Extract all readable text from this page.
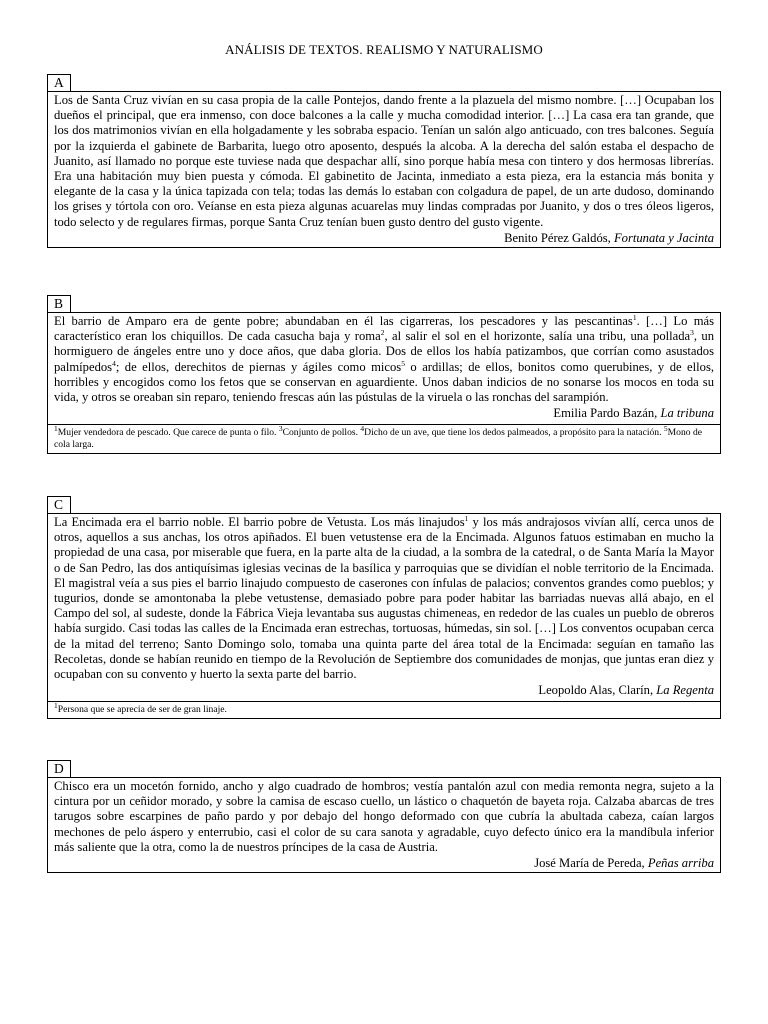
ANÁLISIS DE TEXTOS. REALISMO Y NATURALISMO
A

Los de Santa Cruz vivían en su casa propia de la calle Pontejos, dando frente a la plazuela del mismo nombre. […] Ocupaban los dueños el principal, que era inmenso, con doce balcones a la calle y mucha comodidad interior. […] La casa era tan grande, que los dos matrimonios vivían en ella holgadamente y les sobraba espacio. Tenían un salón algo anticuado, con tres balcones. Seguía por la izquierda el gabinete de Barbarita, luego otro aposento, después la alcoba. A la derecha del salón estaba el despacho de Juanito, así llamado no porque este tuviese nada que despachar allí, sino porque había mesa con tintero y dos hermosas librerías. Era una habitación muy bien puesta y cómoda. El gabinetito de Jacinta, inmediato a esta pieza, era la estancia más bonita y elegante de la casa y la única tapizada con tela; todas las demás lo estaban con colgadura de papel, de un arte dudoso, dominando los grises y tórtola con oro. Veíanse en esta pieza algunas acuarelas muy lindas compradas por Juanito, y dos o tres óleos ligeros, todo selecto y de regulares firmas, porque Santa Cruz tenían buen gusto dentro del gusto vigente.

Benito Pérez Galdós, Fortunata y Jacinta
B

El barrio de Amparo era de gente pobre; abundaban en él las cigarreras, los pescadores y las pescantinas$^1$. […] Lo más característico eran los chiquillos. De cada casucha baja y roma$^2$, al salir el sol en el horizonte, salía una tribu, una pollada$^3$, un hormiguero de ángeles entre uno y doce años, que daba gloria. Dos de ellos los había patizambos, que corrían como asustados palmípedos$^4$; de ellos, derechitos de piernas y ágiles como micos$^5$ o ardillas; de ellos, bonitos como querubines, y de ellos, horribles y encogidos como los fetos que se conservan en aguardiente. Unos daban indicios de no sonarse los mocos en toda su vida, y otros se oreaban sin reparo, teniendo frescas aún las pústulas de la viruela o las ronchas del sarampión.

Emilia Pardo Bazán, La tribuna
$^1$Mujer vendedora de pescado. Que carece de punta o filo. $^3$Conjunto de pollos. $^4$Dicho de un ave, que tiene los dedos palmeados, a propósito para la natación. $^5$Mono de cola larga.
C

La Encimada era el barrio noble. El barrio pobre de Vetusta. Los más linajudos$^1$ y los más andrajosos vivían allí, cerca unos de otros, aquellos a sus anchas, los otros apiñados. El buen vetustense era de la Encimada. Algunos fatuos estimaban en mucho la propiedad de una casa, por miserable que fuera, en la parte alta de la ciudad, a la sombra de la catedral, o de Santa María la Mayor o de San Pedro, las dos antiquísimas iglesias vecinas de la basílica y parroquias que se dividían el noble territorio de la Encimada. El magistral veía a sus pies el barrio linajudo compuesto de caserones con ínfulas de palacios; conventos grandes como pueblos; y tugurios, donde se amontonaba la plebe vetustense, demasiado pobre para poder habitar las barriadas nuevas allá abajo, en el Campo del sol, al sudeste, donde la Fábrica Vieja levantaba sus augustas chimeneas, en rededor de las cuales un pueblo de obreros había surgido. Casi todas las calles de la Encimada eran estrechas, tortuosas, húmedas, sin sol. […] Los conventos ocupaban cerca de la mitad del terreno; Santo Domingo solo, tomaba una quinta parte del área total de la Encimada: seguían en tamaño las Recoletas, donde se habían reunido en tiempo de la Revolución de Septiembre dos comunidades de monjas, que juntas eran diez y ocupaban con su convento y huerto la sexta parte del barrio.

Leopoldo Alas, Clarín, La Regenta
$^1$Persona que se aprecia de ser de gran linaje.
D

Chisco era un mocetón fornido, ancho y algo cuadrado de hombros; vestía pantalón azul con media remonta negra, sujeto a la cintura por un ceñidor morado, y sobre la camisa de escaso cuello, un lástico o chaquetón de bayeta roja. Calzaba abarcas de tres tarugos sobre escarpines de paño pardo y por debajo del hongo deformado con que cubría la abultada cabeza, caían largos mechones de pelo áspero y enterrubio, casi el color de su cara sanota y agradable, cuyo defecto único era la mandíbula inferior más saliente que la otra, como la de nuestros príncipes de la casa de Austria.

José María de Pereda, Peñas arriba
